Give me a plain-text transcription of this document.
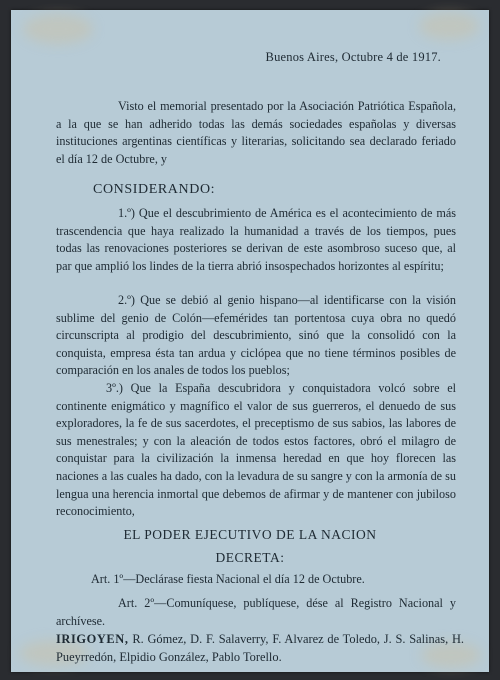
Buenos Aires, Octubre 4 de 1917.
Visto el memorial presentado por la Asociación Patriótica Española, a la que se han adherido todas las demás sociedades españolas y diversas instituciones argentinas científicas y literarias, solicitando sea declarado feriado el día 12 de Octubre, y
CONSIDERANDO:
1.º) Que el descubrimiento de América es el acontecimiento de más trascendencia que haya realizado la humanidad a través de los tiempos, pues todas las renovaciones posteriores se derivan de este asombroso suceso que, al par que amplió los lindes de la tierra abrió insospechados horizontes al espíritu;
2.º) Que se debió al genio hispano—al identificarse con la visión sublime del genio de Colón—efemérides tan portentosa cuya obra no quedó circunscripta al prodigio del descubrimiento, sinó que la consolidó con la conquista, empresa ésta tan ardua y ciclópea que no tiene términos posibles de comparación en los anales de todos los pueblos;
3º.) Que la España descubridora y conquistadora volcó sobre el continente enigmático y magnífico el valor de sus guerreros, el denuedo de sus exploradores, la fe de sus sacerdotes, el preceptismo de sus sabios, las labores de sus menestrales; y con la aleación de todos estos factores, obró el milagro de conquistar para la civilización la inmensa heredad en que hoy florecen las naciones a las cuales ha dado, con la levadura de su sangre y con la armonía de su lengua una herencia inmortal que debemos de afirmar y de mantener con jubiloso reconocimiento,
EL PODER EJECUTIVO DE LA NACION
DECRETA:
Art. 1º—Declárase fiesta Nacional el día 12 de Octubre.
Art. 2º—Comuníquese, publíquese, dése al Registro Nacional y archívese.
IRIGOYEN, R. Gómez, D. F. Salaverry, F. Alvarez de Toledo, J. S. Salinas, H. Pueyrredón, Elpidio González, Pablo Torello.
